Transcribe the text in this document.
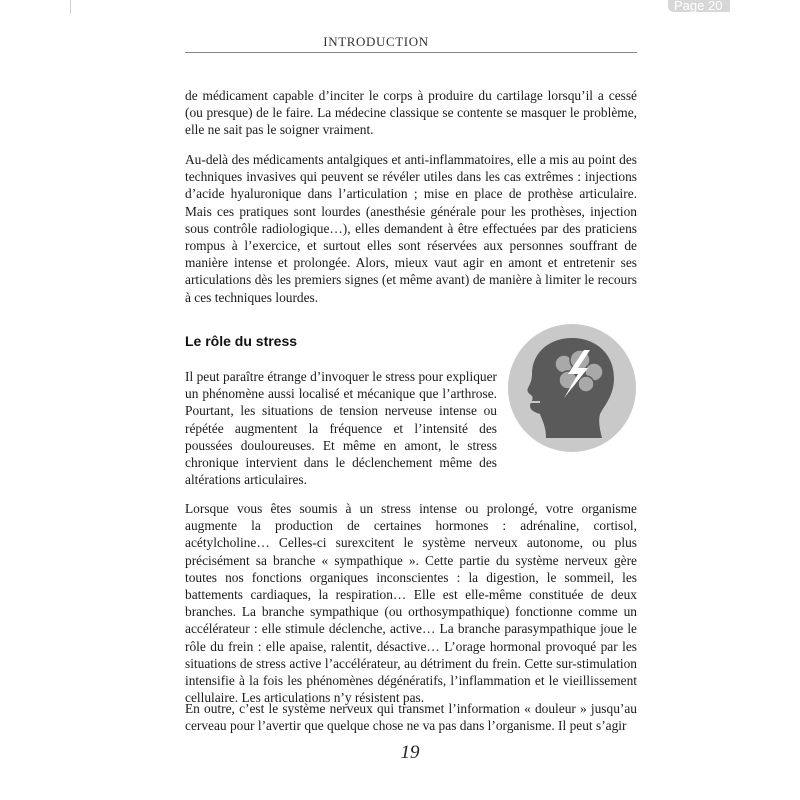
Page 20
INTRODUCTION

de médicament capable d’inciter le corps à produire du cartilage lorsqu’il a cessé (ou presque) de le faire. La médecine classique se contente se masquer le problème, elle ne sait pas le soigner vraiment.

Au-delà des médicaments antalgiques et anti-inflammatoires, elle a mis au point des techniques invasives qui peuvent se révéler utiles dans les cas extrêmes : injections d’acide hyaluronique dans l’articulation ; mise en place de prothèse articulaire. Mais ces pratiques sont lourdes (anesthésie générale pour les prothèses, injection sous contrôle radiologique…), elles demandent à être effectuées par des praticiens rompus à l’exercice, et surtout elles sont réservées aux personnes souffrant de manière intense et prolongée. Alors, mieux vaut agir en amont et entretenir ses articulations dès les premiers signes (et même avant) de manière à limiter le recours à ces techniques lourdes.

Le rôle du stress

Il peut paraître étrange d’invoquer le stress pour expliquer un phénomène aussi localisé et mécanique que l’arthrose. Pourtant, les situations de tension nerveuse intense ou répétée augmentent la fréquence et l’intensité des poussées douloureuses. Et même en amont, le stress chronique intervient dans le déclenchement même des altérations articulaires.

Lorsque vous êtes soumis à un stress intense ou prolongé, votre organisme augmente la production de certaines hormones : adrénaline, cortisol, acétylcholine… Celles-ci surexcitent le système nerveux autonome, ou plus précisément sa branche « sympathique ». Cette partie du système nerveux gère toutes nos fonctions organiques inconscientes : la digestion, le sommeil, les battements cardiaques, la respiration… Elle est elle-même constituée de deux branches. La branche sympathique (ou orthosympathique) fonctionne comme un accélérateur : elle stimule déclenche, active… La branche parasympathique joue le rôle du frein : elle apaise, ralentit, désactive… L’orage hormonal provoqué par les situations de stress active l’accélérateur, au détriment du frein. Cette sur-stimulation intensifie à la fois les phénomènes dégénératifs, l’inflammation et le vieillissement cellulaire. Les articulations n’y résistent pas.

En outre, c’est le système nerveux qui transmet l’information « douleur » jusqu’au cerveau pour l’avertir que quelque chose ne va pas dans l’organisme. Il peut s’agir

19
